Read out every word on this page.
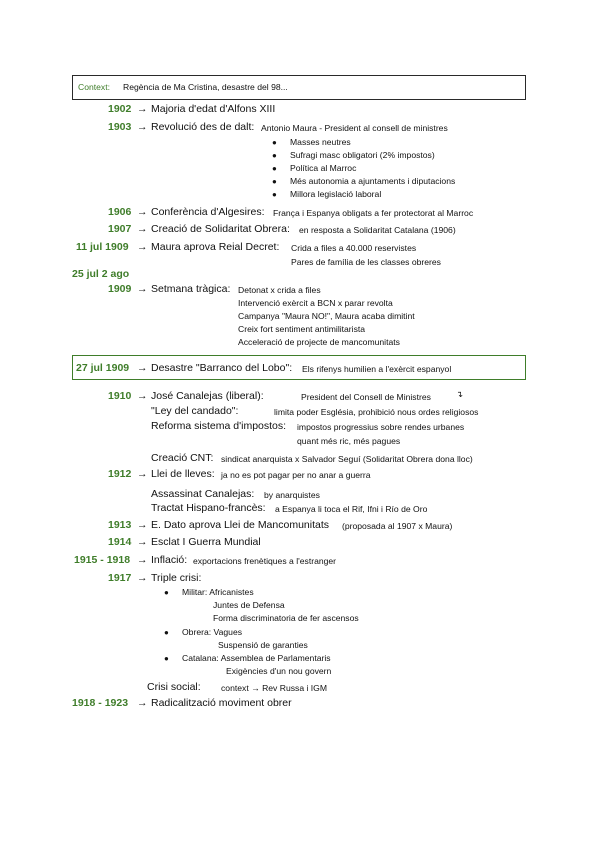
Context: Regència de Ma Cristina, desastre del 98...
1902 → Majoria d'edat d'Alfons XIII
1903 → Revolució des de dalt: Antonio Maura - President al consell de ministres
● Masses neutres
● Sufragi masc obligatori (2% impostos)
● Política al Marroc
● Més autonomia a ajuntaments i diputacions
● Millora legislació laboral
1906 → Conferència d'Algesires: França i Espanya obligats a fer protectorat al Marroc
1907 → Creació de Solidaritat Obrera: en resposta a Solidaritat Catalana (1906)
11 jul 1909 → Maura aprova Reial Decret: Crida a files a 40.000 reservistes
Pares de família de les classes obreres
25 jul 2 ago
1909 → Setmana tràgica: Detonat x crida a files
Intervenció exèrcit a BCN x parar revolta
Campanya "Maura NO!", Maura acaba dimitint
Creix fort sentiment antimilitarista
Acceleració de projecte de mancomunitats
27 jul 1909 → Desastre "Barranco del Lobo": Els rifenys humilien a l'exèrcit espanyol
1910 → José Canalejas (liberal):	President del Consell de Ministres	↴
"Ley del candado":	limita poder Església, prohibició nous ordes religiosos
Reforma sistema d'impostos: impostos progressius sobre rendes urbanes
quant més ric, més pagues
Creació CNT: sindicat anarquista x Salvador Seguí (Solidaritat Obrera dona lloc)
1912 → Llei de lleves: ja no es pot pagar per no anar a guerra
Assassinat Canalejas: by anarquistes
Tractat Hispano-francès: a Espanya li toca el Rif, Ifni i Río de Oro
1913 → E. Dato aprova Llei de Mancomunitats (proposada al 1907 x Maura)
1914 → Esclat I Guerra Mundial
1915 - 1918 → Inflació: exportacions frenètiques a l'estranger
1917 → Triple crisi:
● Militar: Africanistes
Juntes de Defensa
Forma discriminatoria de fer ascensos
● Obrera: Vagues
Suspensió de garanties
● Catalana: Assemblea de Parlamentaris
Exigències d'un nou govern
Crisi social: context → Rev Russa i IGM
1918 - 1923 → Radicalització moviment obrer
